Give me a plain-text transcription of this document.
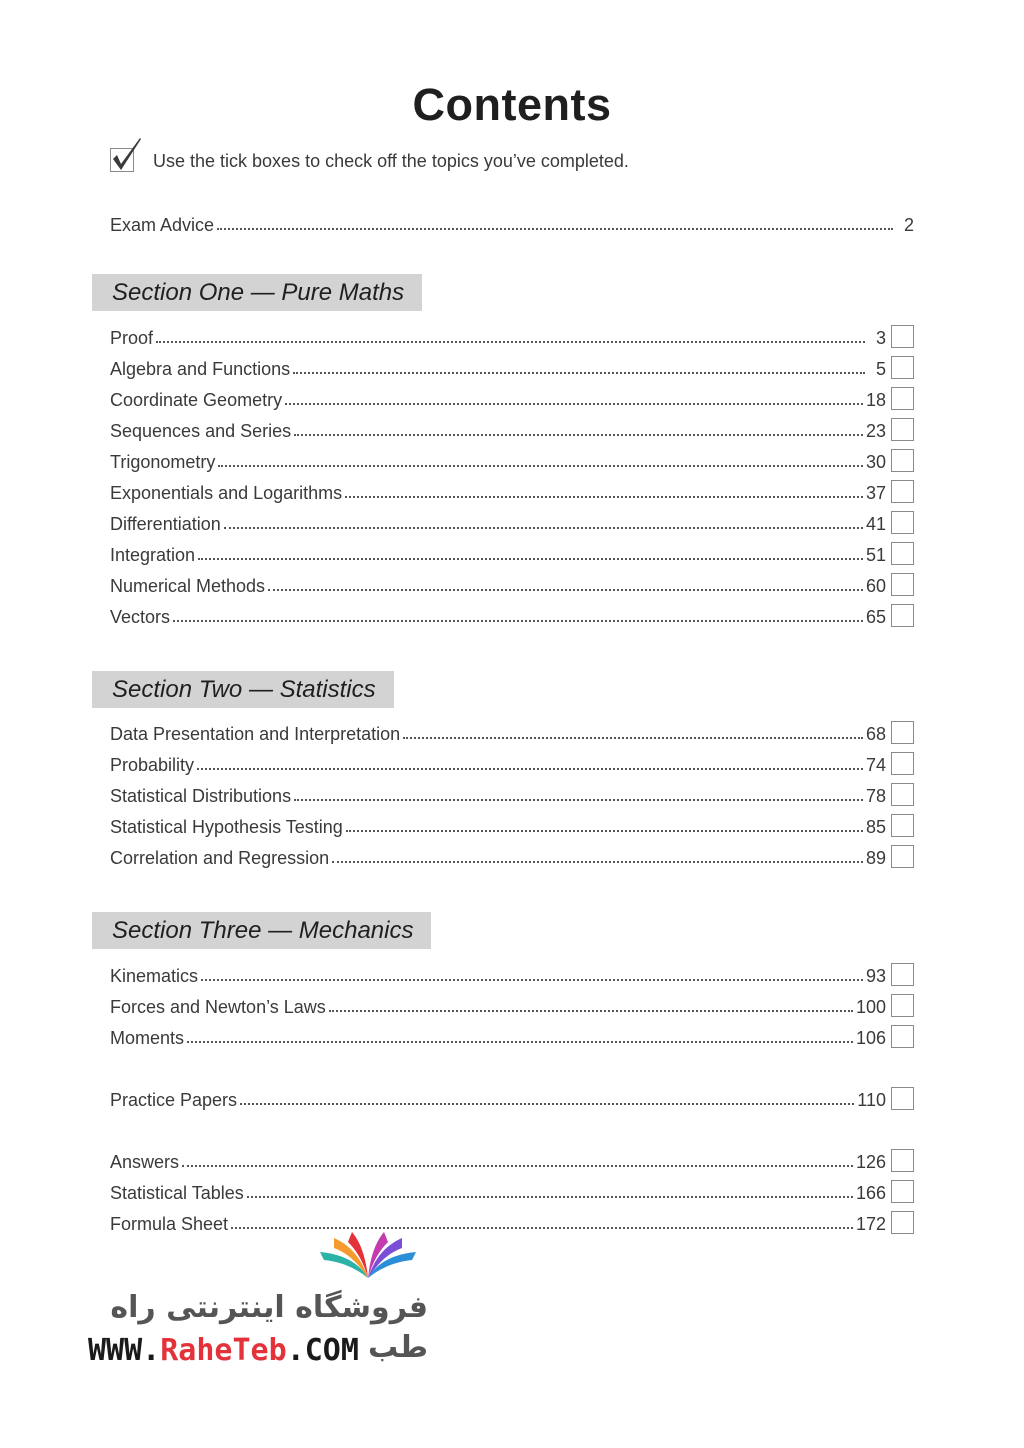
Contents
Use the tick boxes to check off the topics you’ve completed.
Exam Advice	2
Section One — Pure Maths
Proof	3
Algebra and Functions	5
Coordinate Geometry	18
Sequences and Series	23
Trigonometry	30
Exponentials and Logarithms	37
Differentiation	41
Integration	51
Numerical Methods	60
Vectors	65
Section Two — Statistics
Data Presentation and Interpretation	68
Probability	74
Statistical Distributions	78
Statistical Hypothesis Testing	85
Correlation and Regression	89
Section Three — Mechanics
Kinematics	93
Forces and Newton’s Laws	100
Moments	106
Practice Papers	110
Answers	126
Statistical Tables	166
Formula Sheet	172
فروشگاه اینترنتی راه طب
WWW.RaheTeb.COM
